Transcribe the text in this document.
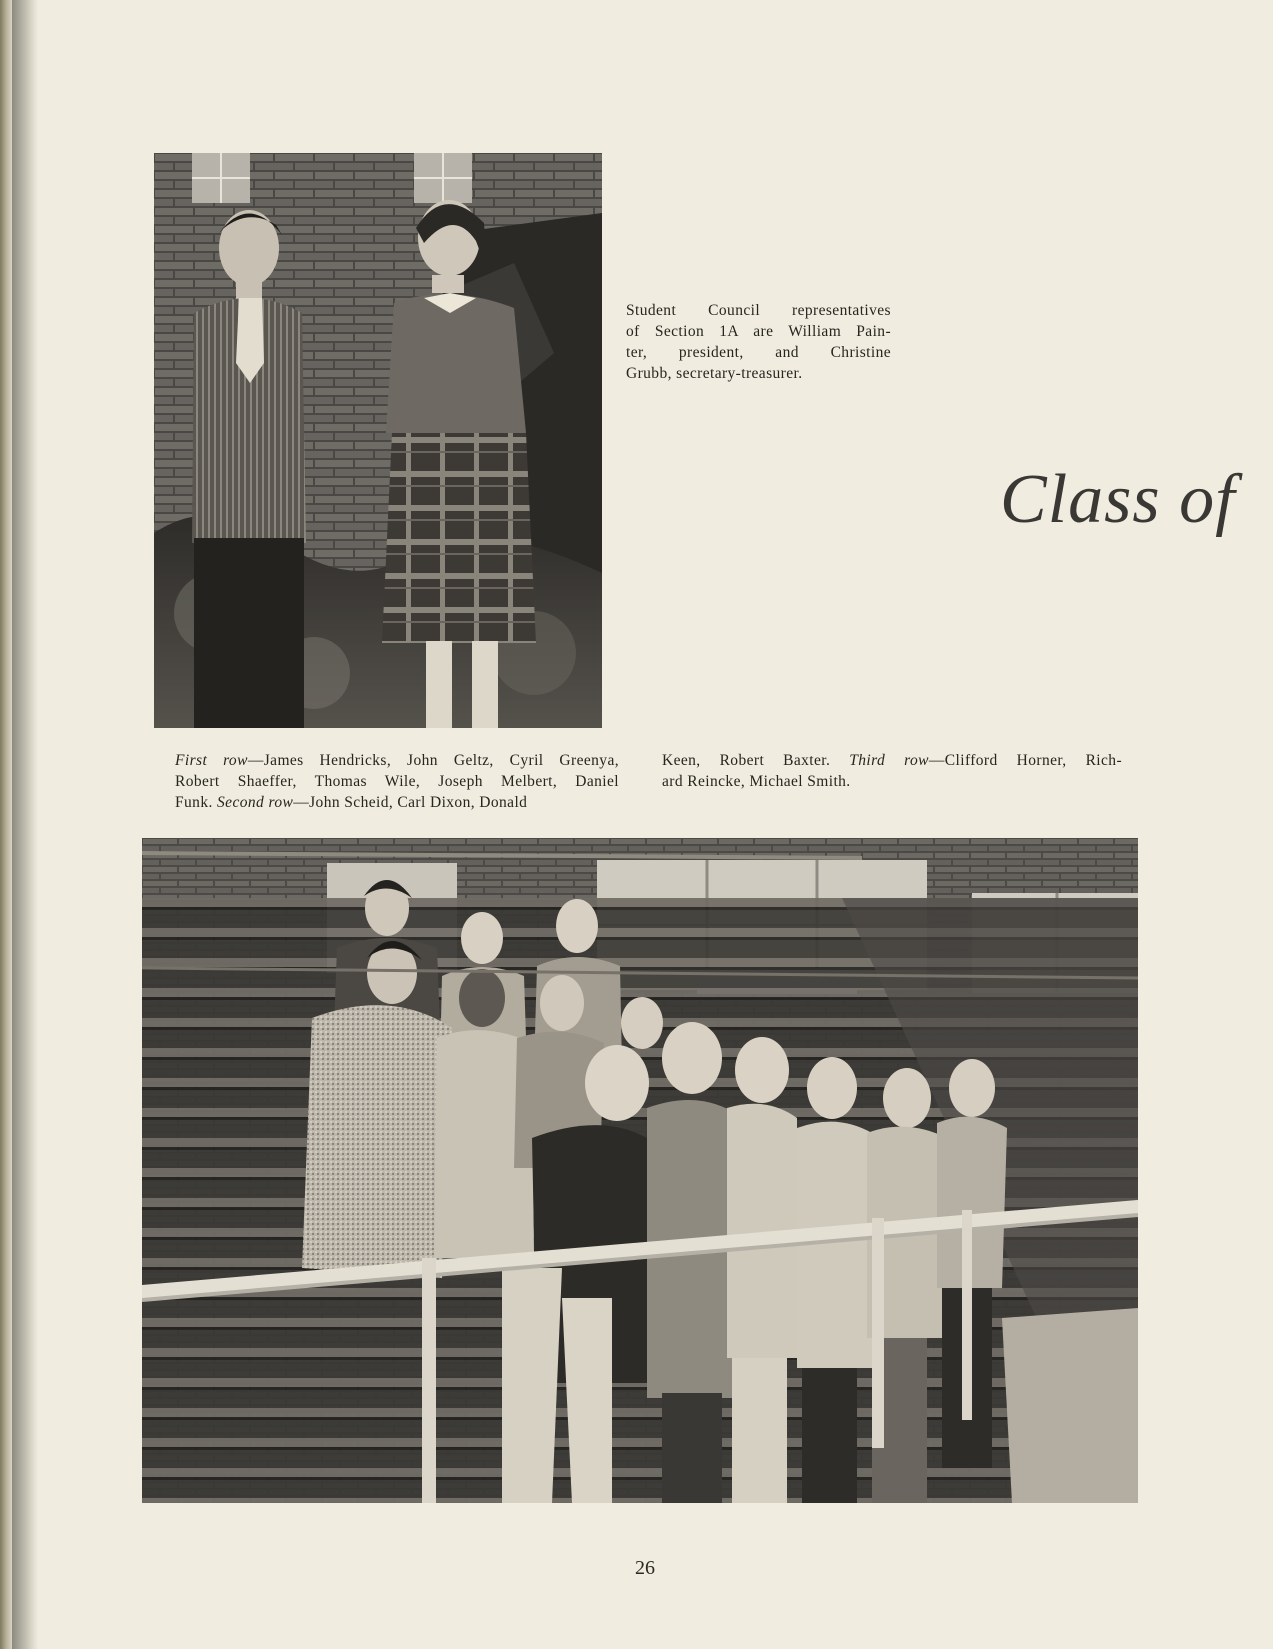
Student Council representatives
of Section 1A are William Pain-
ter, president, and Christine
Grubb, secretary-treasurer.
Class of
First row—James Hendricks, John Geltz, Cyril Greenya,
Robert Shaeffer, Thomas Wile, Joseph Melbert, Daniel
Funk. Second row—John Scheid, Carl Dixon, Donald
Keen, Robert Baxter. Third row—Clifford Horner, Rich-
ard Reincke, Michael Smith.
26
